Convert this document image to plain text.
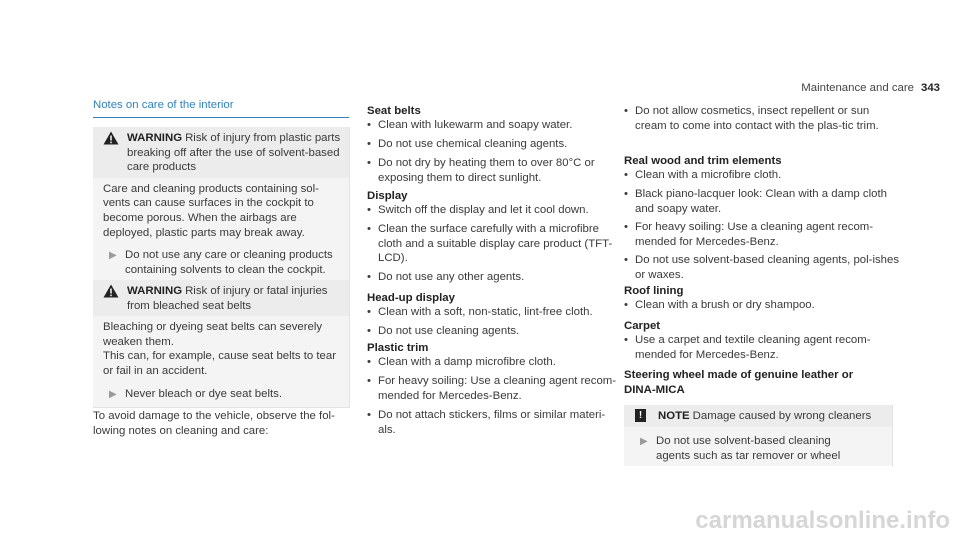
Maintenance and care 343
Notes on care of the interior
WARNING Risk of injury from plastic parts breaking off after the use of solvent-based care products

Care and cleaning products containing sol-vents can cause surfaces in the cockpit to become porous. When the airbags are deployed, plastic parts may break away.

▶ Do not use any care or cleaning products containing solvents to clean the cockpit.
WARNING Risk of injury or fatal injuries from bleached seat belts

Bleaching or dyeing seat belts can severely weaken them.

This can, for example, cause seat belts to tear or fail in an accident.

▶ Never bleach or dye seat belts.
To avoid damage to the vehicle, observe the fol-lowing notes on cleaning and care:
Seat belts
• Clean with lukewarm and soapy water.
• Do not use chemical cleaning agents.
• Do not dry by heating them to over 80°C or exposing them to direct sunlight.
Display
• Switch off the display and let it cool down.
• Clean the surface carefully with a microfibre cloth and a suitable display care product (TFT-LCD).
• Do not use any other agents.
Head-up display
• Clean with a soft, non-static, lint-free cloth.
• Do not use cleaning agents.
Plastic trim
• Clean with a damp microfibre cloth.
• For heavy soiling: Use a cleaning agent recom-mended for Mercedes-Benz.
• Do not attach stickers, films or similar materi-als.
• Do not allow cosmetics, insect repellent or sun cream to come into contact with the plas-tic trim.
Real wood and trim elements
• Clean with a microfibre cloth.
• Black piano-lacquer look: Clean with a damp cloth and soapy water.
• For heavy soiling: Use a cleaning agent recom-mended for Mercedes-Benz.
• Do not use solvent-based cleaning agents, pol-ishes or waxes.
Roof lining
• Clean with a brush or dry shampoo.
Carpet
• Use a carpet and textile cleaning agent recom-mended for Mercedes-Benz.
Steering wheel made of genuine leather or DINA-MICA
!	NOTE Damage caused by wrong cleaners
▶ Do not use solvent-based cleaning agents such as tar remover or wheel
carmanualsonline.info
